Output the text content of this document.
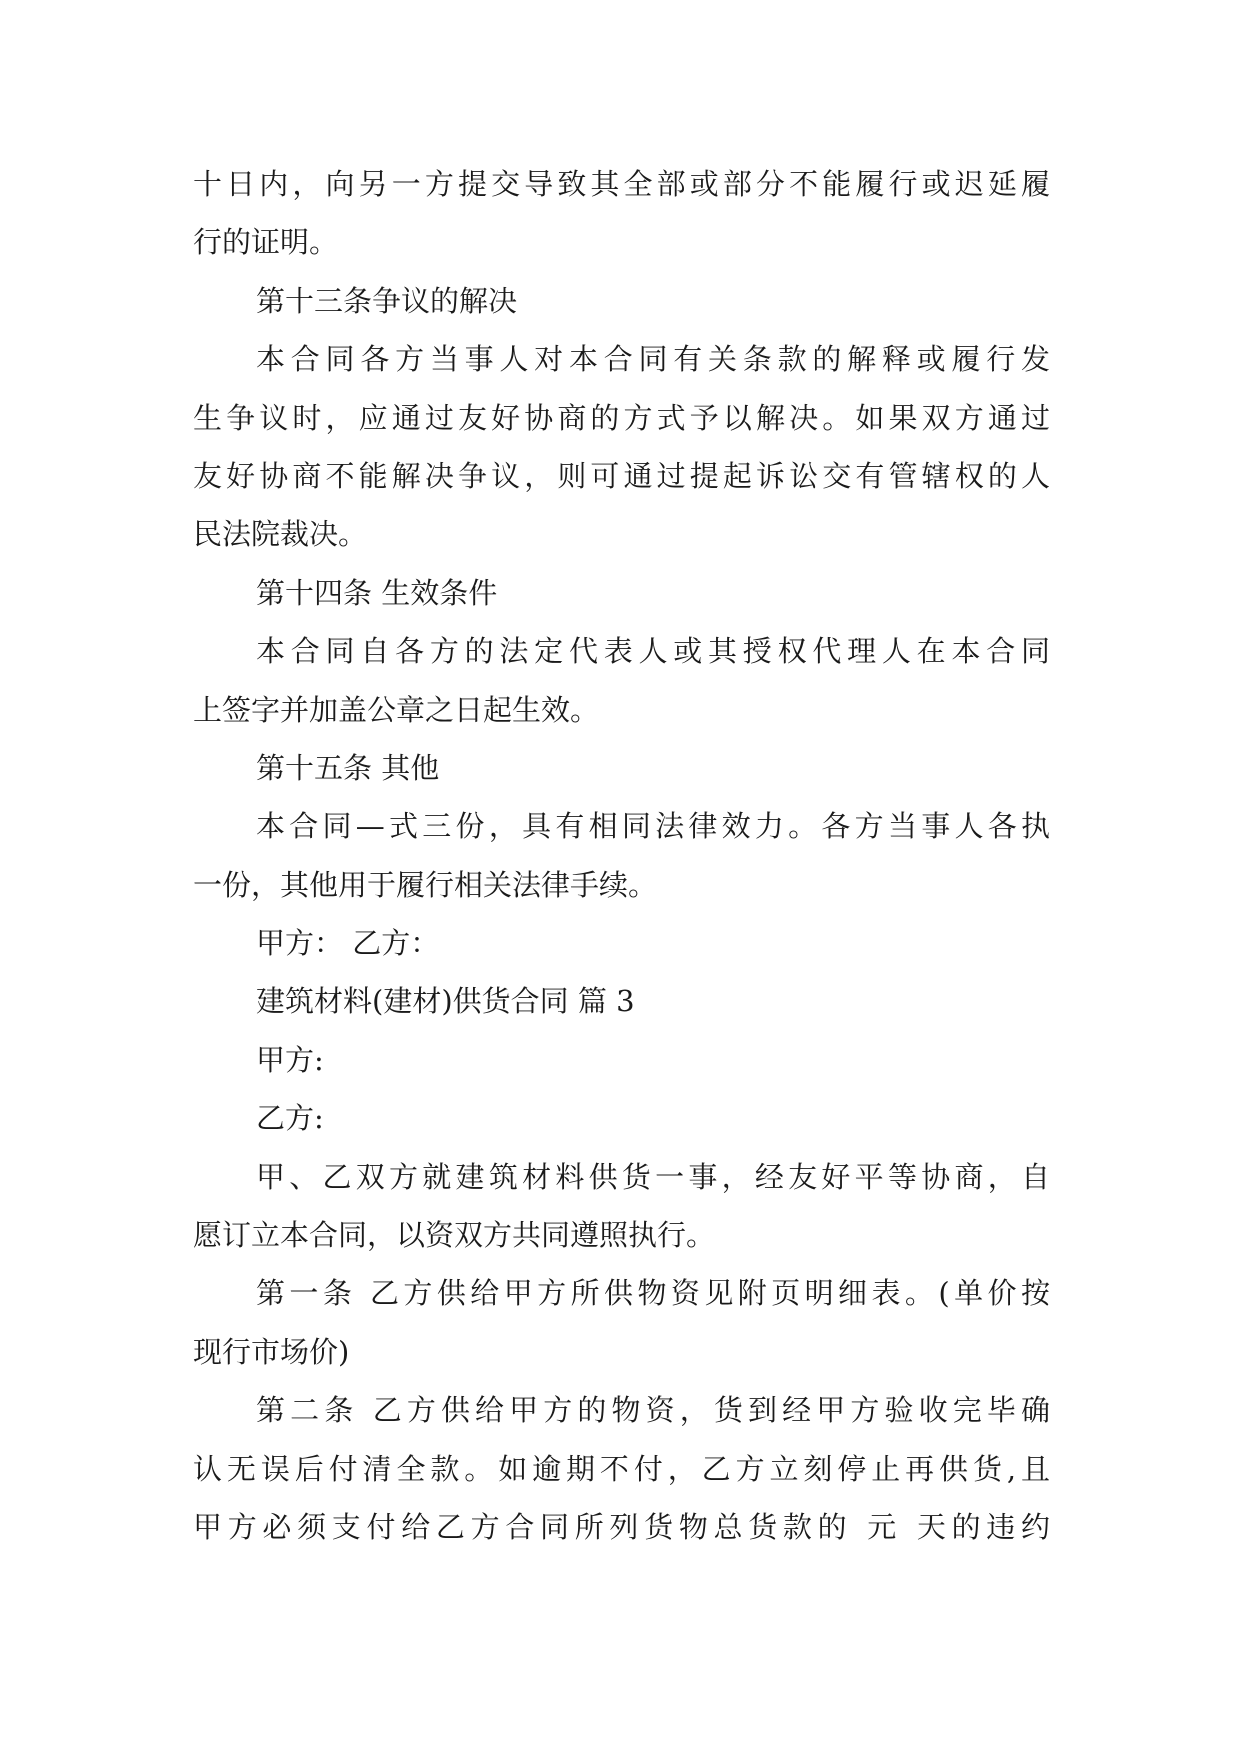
十日内，向另一方提交导致其全部或部分不能履行或迟延履
行的证明。
第十三条争议的解决
本合同各方当事人对本合同有关条款的解释或履行发
生争议时，应通过友好协商的方式予以解决。如果双方通过
友好协商不能解决争议，则可通过提起诉讼交有管辖权的人
民法院裁决。
第十四条 生效条件
本合同自各方的法定代表人或其授权代理人在本合同
上签字并加盖公章之日起生效。
第十五条 其他
本合同—式三份，具有相同法律效力。各方当事人各执
一份，其他用于履行相关法律手续。
甲方： 乙方：
建筑材料(建材)供货合同 篇 3
甲方:
乙方:
甲、乙双方就建筑材料供货一事，经友好平等协商，自
愿订立本合同，以资双方共同遵照执行。
第一条 乙方供给甲方所供物资见附页明细表。(单价按
现行市场价)
第二条 乙方供给甲方的物资，货到经甲方验收完毕确
认无误后付清全款。如逾期不付，乙方立刻停止再供货,且
甲方必须支付给乙方合同所列货物总货款的 元 天的违约
